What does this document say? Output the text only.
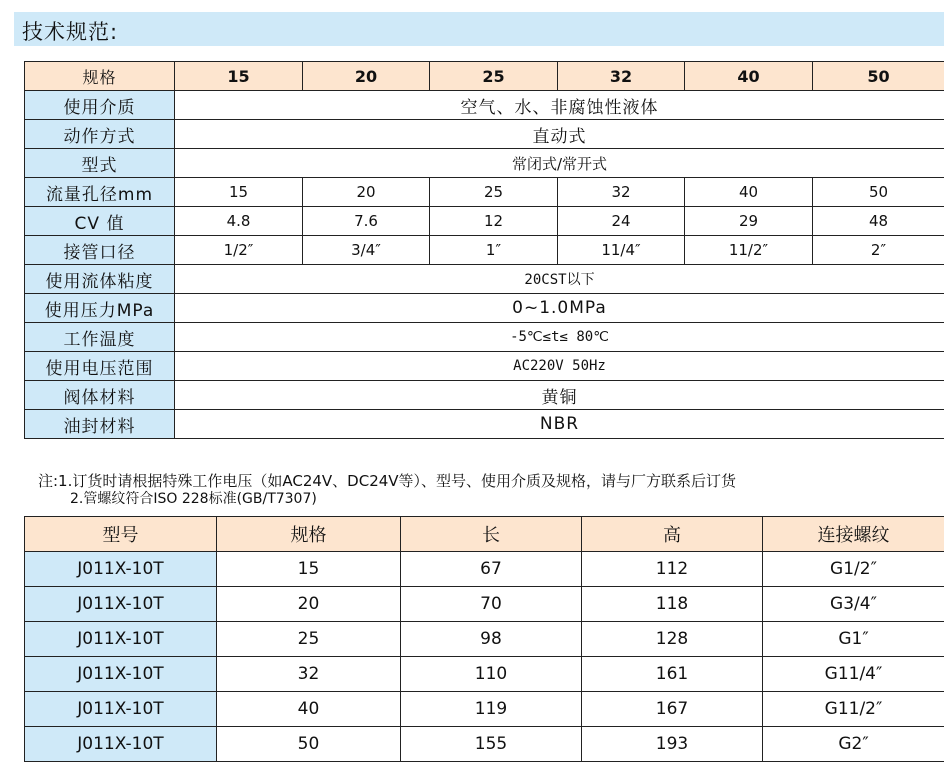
技术规范:
规格	15	20	25	32	40	50
使用介质	空气、水、非腐蚀性液体					
动作方式	直动式					
型式	常闭式/常开式					
流量孔径mm	15	20	25	32	40	50
CV 值	4.8	7.6	12	24	29	48
接管口径	1/2″	3/4″	1″	11/4″	11/2″	2″
使用流体粘度	20CST以下					
使用压力MPa	0~1.0MPa					
工作温度	-5℃≤t≤ 80℃					
使用电压范围	AC220V 50Hz					
阀体材料	黄铜					
油封材料	NBR					
注:1.订货时请根据特殊工作电压（如AC24V、DC24V等）、型号、使用介质及规格，请与厂方联系后订货
2.管螺纹符合ISO 228标准(GB/T7307)
型号	规格	长	高	连接螺纹
J011X-10T	15	67	112	G1/2″
J011X-10T	20	70	118	G3/4″
J011X-10T	25	98	128	G1″
J011X-10T	32	110	161	G11/4″
J011X-10T	40	119	167	G11/2″
J011X-10T	50	155	193	G2″
